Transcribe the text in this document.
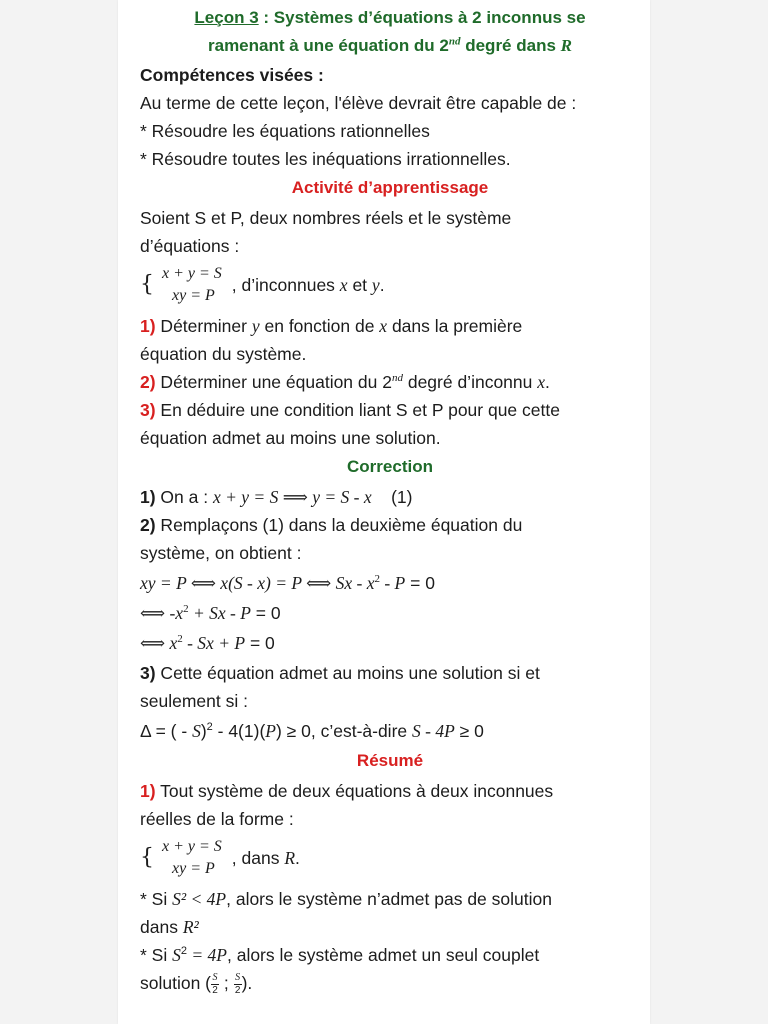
Leçon 3 : Systèmes d’équations à 2 inconnus se
ramenant à une équation du 2nd degré dans R
Compétences visées :
Au terme de cette leçon, l'élève devrait être capable de :
* Résoudre les équations rationnelles
* Résoudre toutes les inéquations irrationnelles.
Activité d’apprentissage
Soient S et P, deux nombres réels et le système
d’équations :
{ x + y = S
xy = P
, d’inconnues x et y.
1) Déterminer y en fonction de x dans la première
équation du système.
2) Déterminer une équation du 2nd degré d’inconnu x.
3) En déduire une condition liant S et P pour que cette
équation admet au moins une solution.
Correction
1) On a : x + y = S ⟹ y = S - x    (1)
2) Remplaçons (1) dans la deuxième équation du
système, on obtient :
xy = P ⟺ x(S - x) = P ⟺ $Sx - x^2 - P = 0$
⟺ $-x^2 + Sx - P = 0$
⟺ $x^2 - Sx + P = 0$
3) Cette équation admet au moins une solution si et
seulement si :
Δ = ( - S)$^2$ - 4(1)(P) ≥ 0, c’est-à-dire S - 4P ≥ 0
Résumé
1) Tout système de deux équations à deux inconnues
réelles de la forme :
{ x + y = S
xy = P
, dans R.
* Si S² < 4P, alors le système n’admet pas de solution
dans R²
* Si $S^2 = 4P$, alors le système admet un seul couplet
solution ( $\frac{S}{2}$ ; $\frac{S}{2}$ ).
